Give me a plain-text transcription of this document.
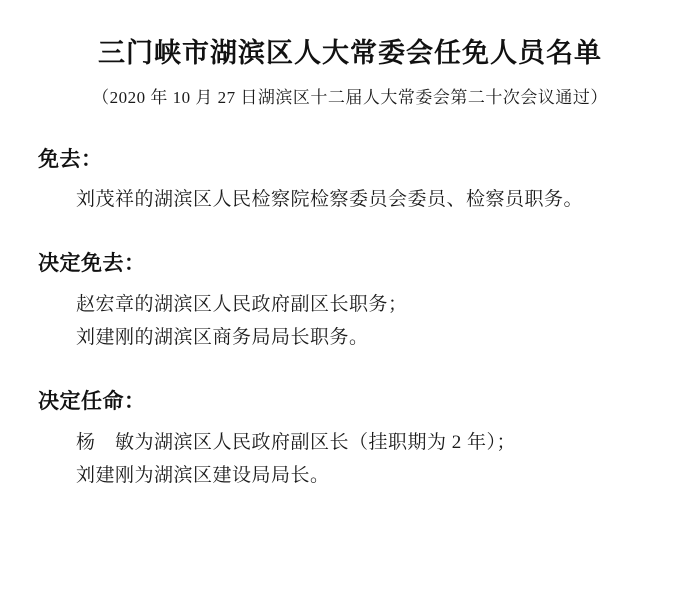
三门峡市湖滨区人大常委会任免人员名单

（2020 年 10 月 27 日湖滨区十二届人大常委会第二十次会议通过）

免去：

刘茂祥的湖滨区人民检察院检察委员会委员、检察员职务。

决定免去：

赵宏章的湖滨区人民政府副区长职务；

刘建刚的湖滨区商务局局长职务。

决定任命：

杨　敏为湖滨区人民政府副区长（挂职期为 2 年）；

刘建刚为湖滨区建设局局长。
